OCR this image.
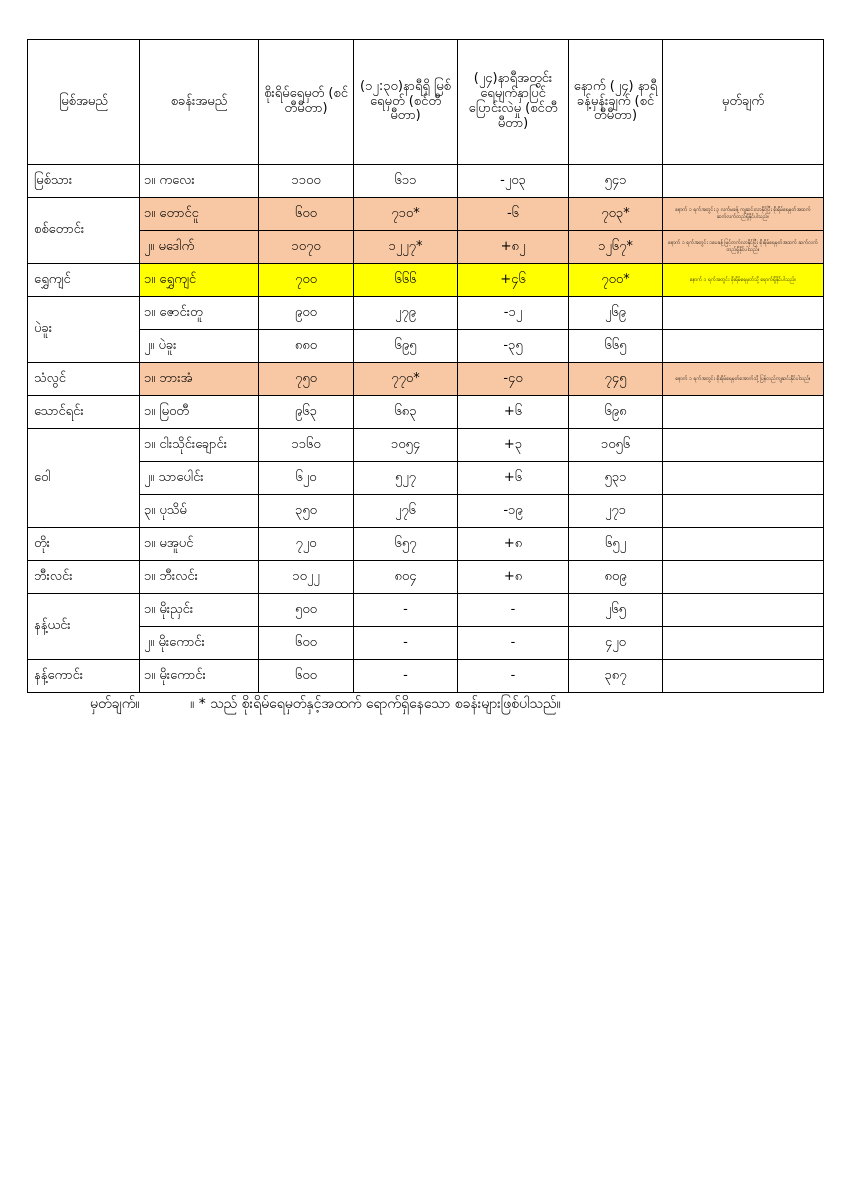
မြစ်အမည်	စခန်းအမည်	စိုးရိမ်ရေမှတ် (စင်တီမီတာ)	(၁၂:၃၀)နာရီရှိ မြစ်ရေမှတ် (စင်တီမီတာ)	(၂၄)နာရီအတွင်း ရေမျက်နှာပြင် ပြောင်းလဲမှု (စင်တီမီတာ)	နောက် (၂၄) နာရီ ခန့်မှန်းချက် (စင်တီမီတာ)	မှတ်ချက်
မြစ်သား	၁။ ကလေး	၁၁၀၀	၆၁၁	-၂၀၃	၅၄၁	
စစ်တောင်း	၁။ တောင်ငူ	၆၀၀	၇၁၀*	-၆	၇၀၃*	နောက် ၁ ရက်အတွင်း ၃ လက်မခန့် ကျဆင်းလာနိုင်ပြီး စိုးရိမ်ရေမှတ်အထက် ဆက်လက်တည်ရှိနိုင်ပါသည်။
	၂။ မဒေါက်	၁၀၇၀	၁၂၂၇*	+၈၂	၁၂၆၇*	နောက် ၁ ရက်အတွင်း ၁ပေခန့် မြင့်တက်လာနိုင်ပြီး စိုးရိမ်ရေမှတ်အထက် ဆက်လက်တည်ရှိနိုင်ပါသည်။
ရွှေကျင်	၁။ ရွှေကျင်	၇၀၀	၆၆၆	+၄၆	၇၀၀*	နောက် ၁ ရက်အတွင်း စိုးရိမ်ရေမှတ်သို့ ရောက်ရှိနိုင်ပါသည်။
ပဲခူး	၁။ ဇောင်းတူ	၉၀၀	၂၇၉	-၁၂	၂၆၉	
	၂။ ပဲခူး	၈၈၀	၆၉၅	-၃၅	၆၆၅	
သံလွင်	၁။ ဘားအံ	၇၅၀	၇၇၀*	-၄၀	၇၄၅	နောက် ၁ ရက်အတွင်း စိုးရိမ်ရေမှတ်အောက်သို့ ပြန်လည်ကျဆင်းနိုင်ပါသည်။
သောင်ရင်း	၁။ မြဝတီ	၉၆၃	၆၈၃	+၆	၆၉၈	
ဝေါ	၁။ ငါးသိုင်းချောင်း	၁၁၆၀	၁၀၅၄	+၃	၁၀၅၆	
	၂။ သာပေါင်း	၆၂၀	၅၂၇	+၆	၅၃၁	
	၃။ ပုသိမ်	၃၅၀	၂၇၆	-၁၉	၂၇၁	
တိုး	၁။ မအူပင်	၇၂၀	၆၅၇	+၈	၆၅၂	
ဘီးလင်း	၁။ ဘီးလင်း	၁၀၂၂	၈၀၄	+၈	၈၀၉	
နန့်ယင်း	၁။ မိုးညှင်း	၅၀၀	-	-	၂၆၅	
	၂။ မိုးကောင်း	၆၀၀	-	-	၄၂၀	
နန့်ကောင်း	၁။ မိုးကောင်း	၆၀၀	-	-	၃၈၇	
မှတ်ချက်။	။ * သည် စိုးရိမ်ရေမှတ်နှင့်အထက် ရောက်ရှိနေသော စခန်းများဖြစ်ပါသည်။
